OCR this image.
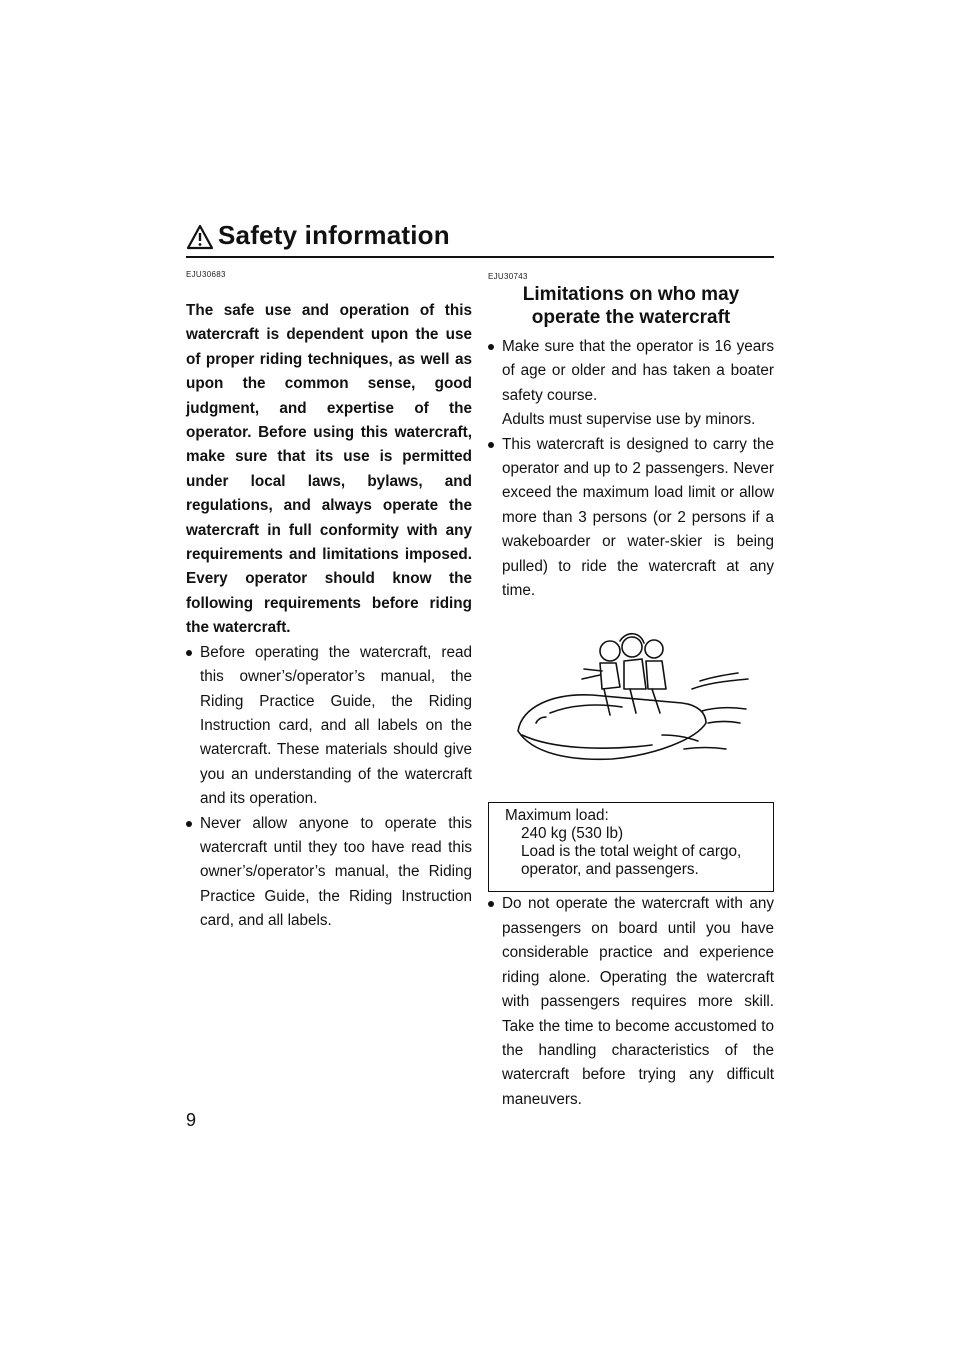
Safety information
EJU30683
The safe use and operation of this watercraft is dependent upon the use of proper riding techniques, as well as upon the common sense, good judgment, and expertise of the operator. Before using this watercraft, make sure that its use is permitted under local laws, bylaws, and regulations, and always operate the watercraft in full conformity with any requirements and limitations imposed. Every operator should know the following requirements before riding the watercraft.
Before operating the watercraft, read this owner’s/operator’s manual, the Riding Practice Guide, the Riding Instruction card, and all labels on the watercraft. These materials should give you an understanding of the watercraft and its operation.
Never allow anyone to operate this watercraft until they too have read this owner’s/operator’s manual, the Riding Practice Guide, the Riding Instruction card, and all labels.
EJU30743
Limitations on who may
operate the watercraft
Make sure that the operator is 16 years of age or older and has taken a boater safety course.
Adults must supervise use by minors.
This watercraft is designed to carry the operator and up to 2 passengers. Never exceed the maximum load limit or allow more than 3 persons (or 2 persons if a wakeboarder or water-skier is being pulled) to ride the watercraft at any time.
Maximum load:
240 kg (530 lb)
Load is the total weight of cargo, operator, and passengers.
Do not operate the watercraft with any passengers on board until you have considerable practice and experience riding alone. Operating the watercraft with passengers requires more skill. Take the time to become accustomed to the handling characteristics of the watercraft before trying any difficult maneuvers.
9
